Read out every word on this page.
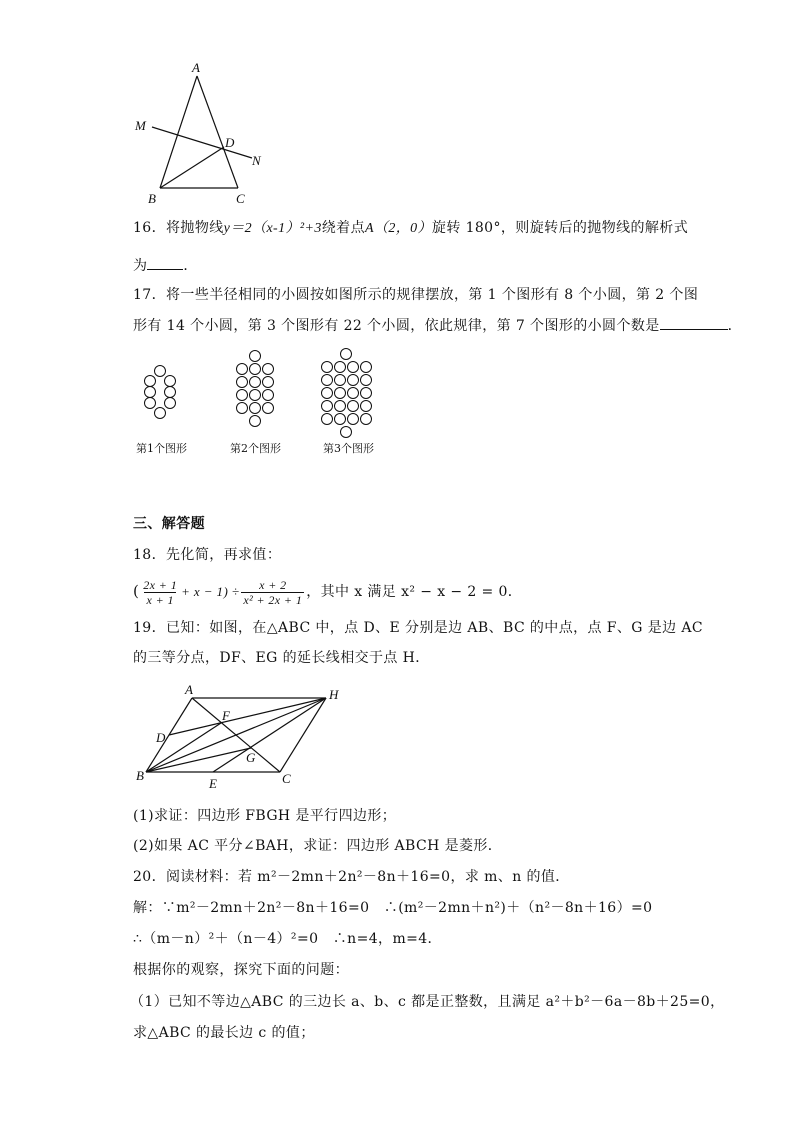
A
M
D
N
B	C
16．将抛物线y＝2（x-1）²+3绕着点A（2，0）旋转 180°，则旋转后的抛物线的解析式
为	．
17．将一些半径相同的小圆按如图所示的规律摆放，第 1 个图形有 8 个小圆，第 2 个图
形有 14 个小圆，第 3 个图形有 22 个小圆，依此规律，第 7 个图形的小圆个数是	．
第1个图形	第2个图形	第3个图形
三、解答题
18．先化简，再求值：
( $\frac{2x + 1}{x + 1} + x - 1) \div \frac{x + 2}{\text{x² + 2x + 1}}$ ，其中 x 满足 x² − x − 2 = 0．
19．已知：如图，在△ABC 中，点 D、E 分别是边 AB、BC 的中点，点 F、G 是边 AC
的三等分点，DF、EG 的延长线相交于点 H．
A	H
F
D
G
B
E	C
(1)求证：四边形 FBGH 是平行四边形；
(2)如果 AC 平分∠BAH，求证：四边形 ABCH 是菱形．
20．阅读材料：若 m²－2mn＋2n²－8n＋16=0，求 m、n 的值．
解：∵m²－2mn＋2n²－8n＋16=0　∴(m²－2mn＋n²)＋（n²－8n＋16）=0
∴（m－n）²＋（n－4）²=0　∴n=4，m=4．
根据你的观察，探究下面的问题：
（1）已知不等边△ABC 的三边长 a、b、c 都是正整数，且满足 a²＋b²－6a－8b＋25=0，
求△ABC 的最长边 c 的值；
